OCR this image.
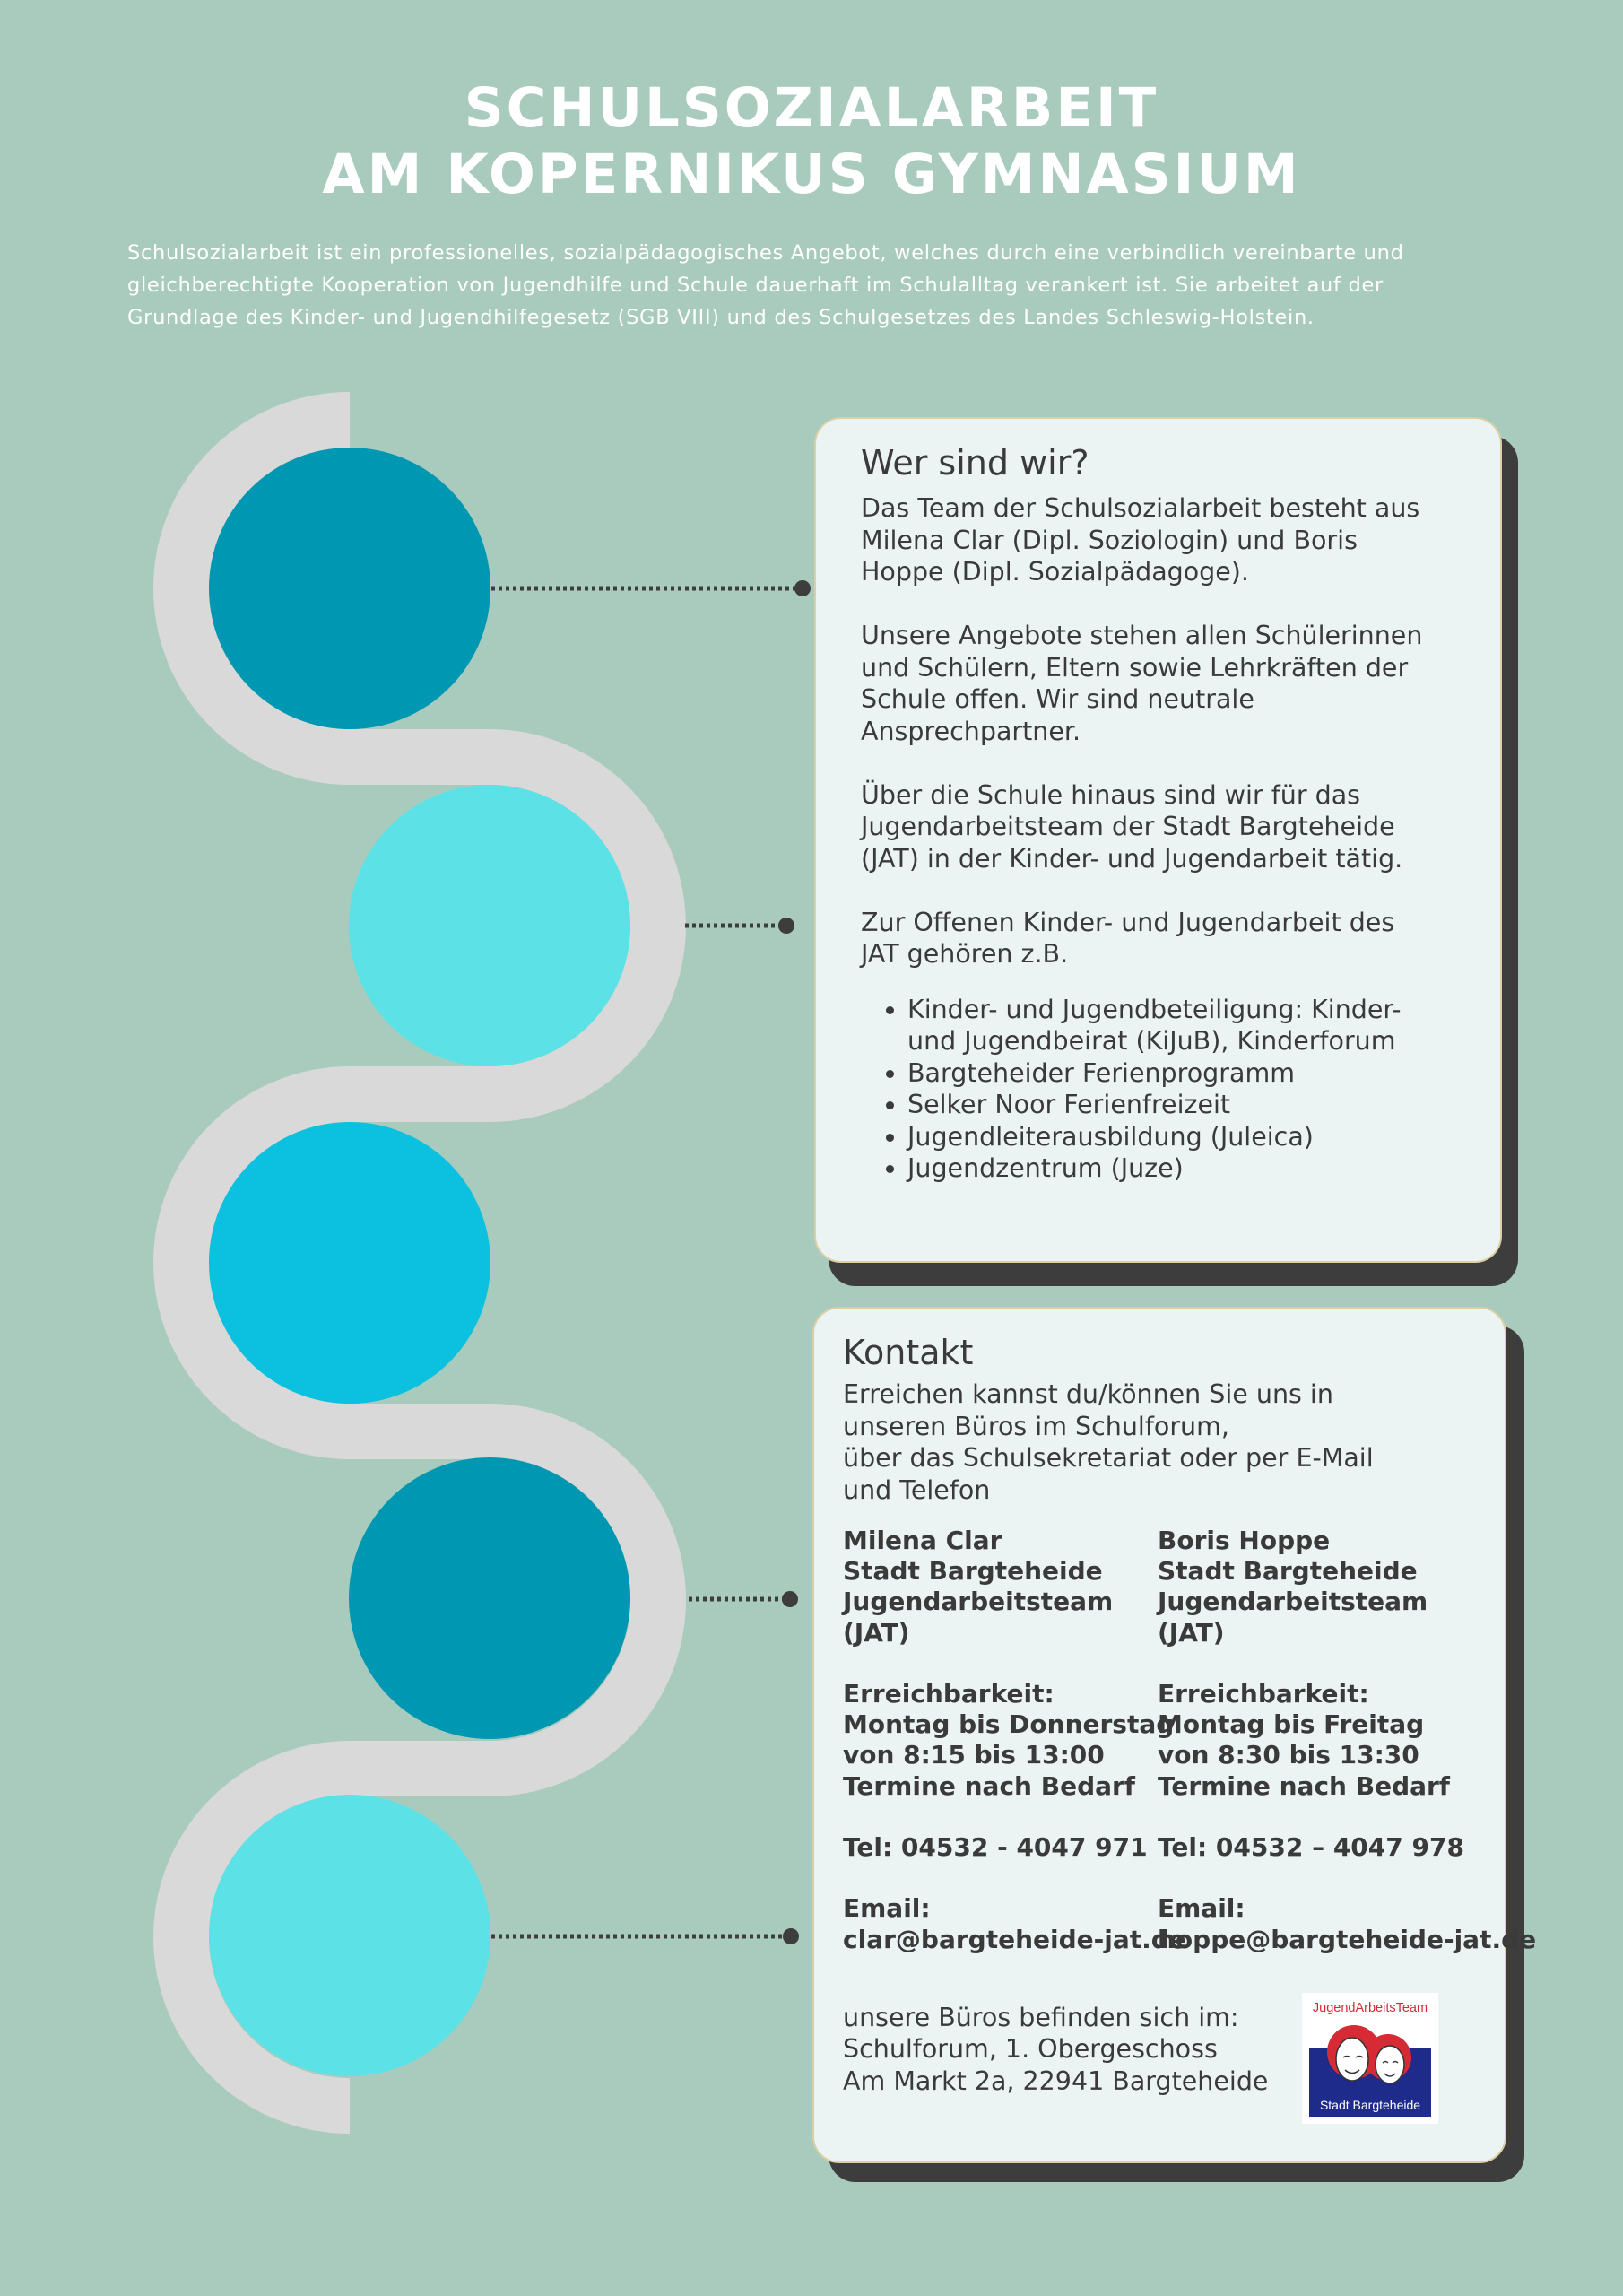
SCHULSOZIALARBEIT
AM KOPERNIKUS GYMNASIUM
Schulsozialarbeit ist ein professionelles, sozialpädagogisches Angebot, welches durch eine verbindlich vereinbarte und
gleichberechtigte Kooperation von Jugendhilfe und Schule dauerhaft im Schulalltag verankert ist. Sie arbeitet auf der
Grundlage des Kinder- und Jugendhilfegesetz (SGB VIII) und des Schulgesetzes des Landes Schleswig-Holstein.
Wer sind wir?

Das Team der Schulsozialarbeit besteht aus
Milena Clar (Dipl. Soziologin) und Boris
Hoppe (Dipl. Sozialpädagoge).

Unsere Angebote stehen allen Schülerinnen
und Schülern, Eltern sowie Lehrkräften der
Schule offen. Wir sind neutrale
Ansprechpartner.

Über die Schule hinaus sind wir für das
Jugendarbeitsteam der Stadt Bargteheide
(JAT) in der Kinder- und Jugendarbeit tätig.

Zur Offenen Kinder- und Jugendarbeit des
JAT gehören z.B.

• Kinder- und Jugendbeteiligung: Kinder-
und Jugendbeirat (KiJuB), Kinderforum
• Bargteheider Ferienprogramm
• Selker Noor Ferienfreizeit
• Jugendleiterausbildung (Juleica)
• Jugendzentrum (Juze)
Kontakt

Erreichen kannst du/können Sie uns in
unseren Büros im Schulforum,
über das Schulsekretariat oder per E-Mail
und Telefon

Milena Clar
Stadt Bargteheide
Jugendarbeitsteam
(JAT)
Erreichbarkeit:
Montag bis Donnerstag
von 8:15 bis 13:00
Termine nach Bedarf
Tel: 04532 - 4047 971
Email:
clar@bargteheide-jat.de
Boris Hoppe
Stadt Bargteheide
Jugendarbeitsteam
(JAT)
Erreichbarkeit:
Montag bis Freitag
von 8:30 bis 13:30
Termine nach Bedarf
Tel: 04532 – 4047 978
Email:
hoppe@bargteheide-jat.de

unsere Büros befinden sich im:
Schulforum, 1. Obergeschoss
Am Markt 2a, 22941 Bargteheide

JugendArbeitsTeam
Stadt Bargteheide
